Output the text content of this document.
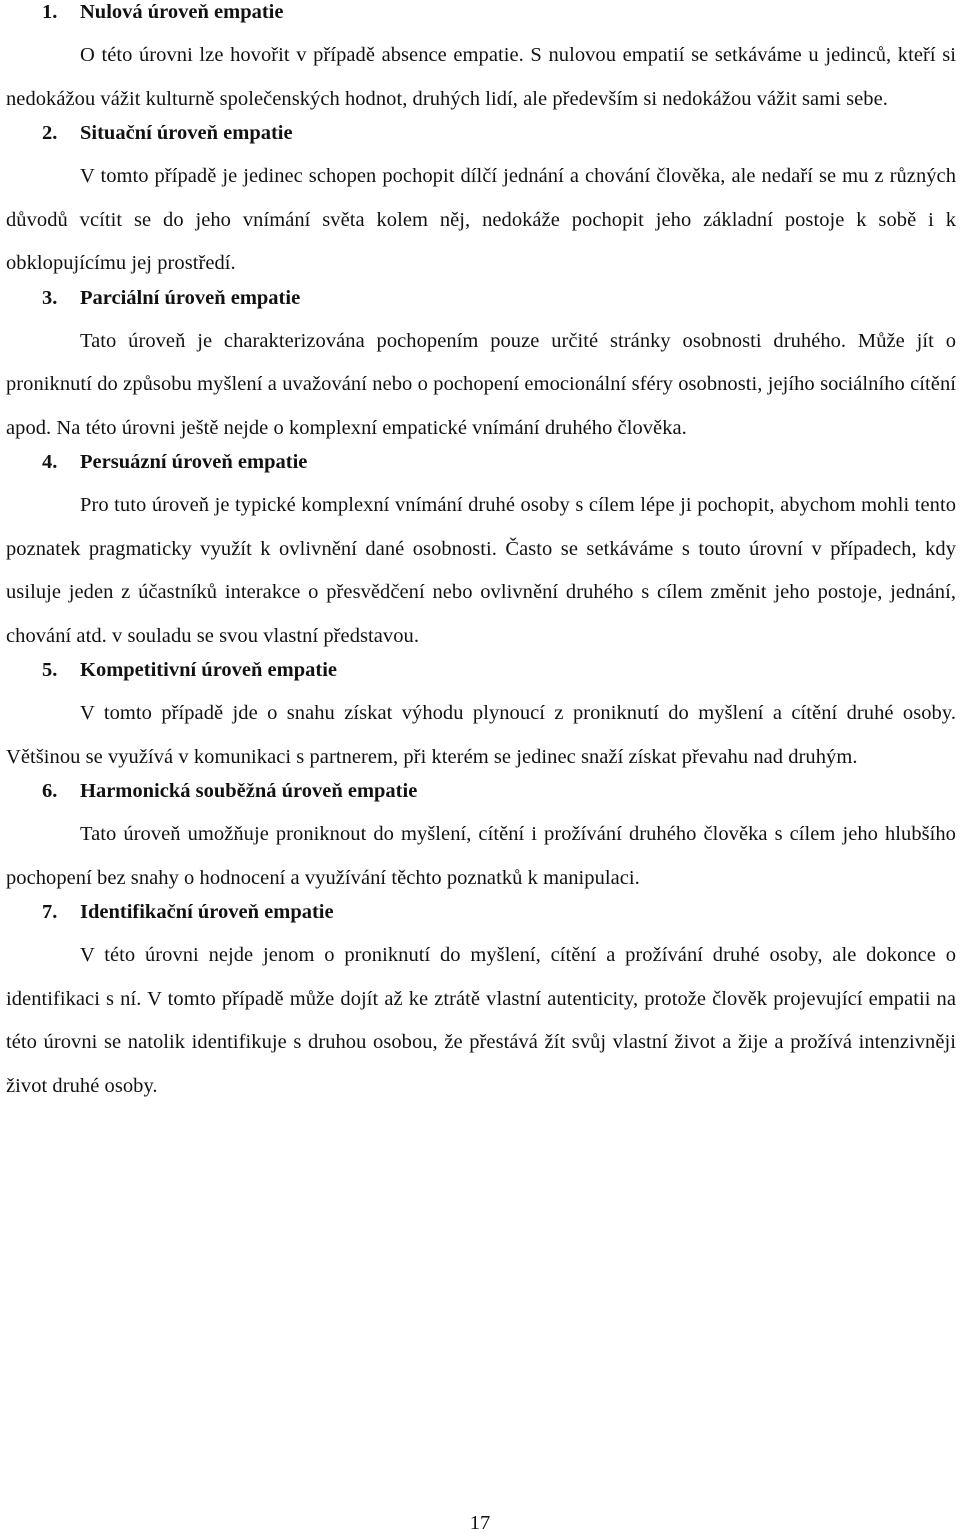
1.	Nulová úroveň empatie

O této úrovni lze hovořit v případě absence empatie. S nulovou empatií se setkáváme u jedinců, kteří si nedokážou vážit kulturně společenských hodnot, druhých lidí, ale především si nedokážou vážit sami sebe.

2.	Situační úroveň empatie

V tomto případě je jedinec schopen pochopit dílčí jednání a chování člověka, ale nedaří se mu z různých důvodů vcítit se do jeho vnímání světa kolem něj, nedokáže pochopit jeho základní postoje k sobě i k obklopujícímu jej prostředí.

3.	Parciální úroveň empatie

Tato úroveň je charakterizována pochopením pouze určité stránky osobnosti druhého. Může jít o proniknutí do způsobu myšlení a uvažování nebo o pochopení emocionální sféry osobnosti, jejího sociálního cítění apod. Na této úrovni ještě nejde o komplexní empatické vnímání druhého člověka.

4.	Persuázní úroveň empatie

Pro tuto úroveň je typické komplexní vnímání druhé osoby s cílem lépe ji pochopit, abychom mohli tento poznatek pragmaticky využít k ovlivnění dané osobnosti. Často se setkáváme s touto úrovní v případech, kdy usiluje jeden z účastníků interakce o přesvědčení nebo ovlivnění druhého s cílem změnit jeho postoje, jednání, chování atd. v souladu se svou vlastní představou.

5.	Kompetitivní úroveň empatie

V tomto případě jde o snahu získat výhodu plynoucí z proniknutí do myšlení a cítění druhé osoby. Většinou se využívá v komunikaci s partnerem, při kterém se jedinec snaží získat převahu nad druhým.

6.	Harmonická souběžná úroveň empatie

Tato úroveň umožňuje proniknout do myšlení, cítění i prožívání druhého člověka s cílem jeho hlubšího pochopení bez snahy o hodnocení a využívání těchto poznatků k manipulaci.

7.	Identifikační úroveň empatie

V této úrovni nejde jenom o proniknutí do myšlení, cítění a prožívání druhé osoby, ale dokonce o identifikaci s ní. V tomto případě může dojít až ke ztrátě vlastní autenticity, protože člověk projevující empatii na této úrovni se natolik identifikuje s druhou osobou, že přestává žít svůj vlastní život a žije a prožívá intenzivněji život druhé osoby.

17
